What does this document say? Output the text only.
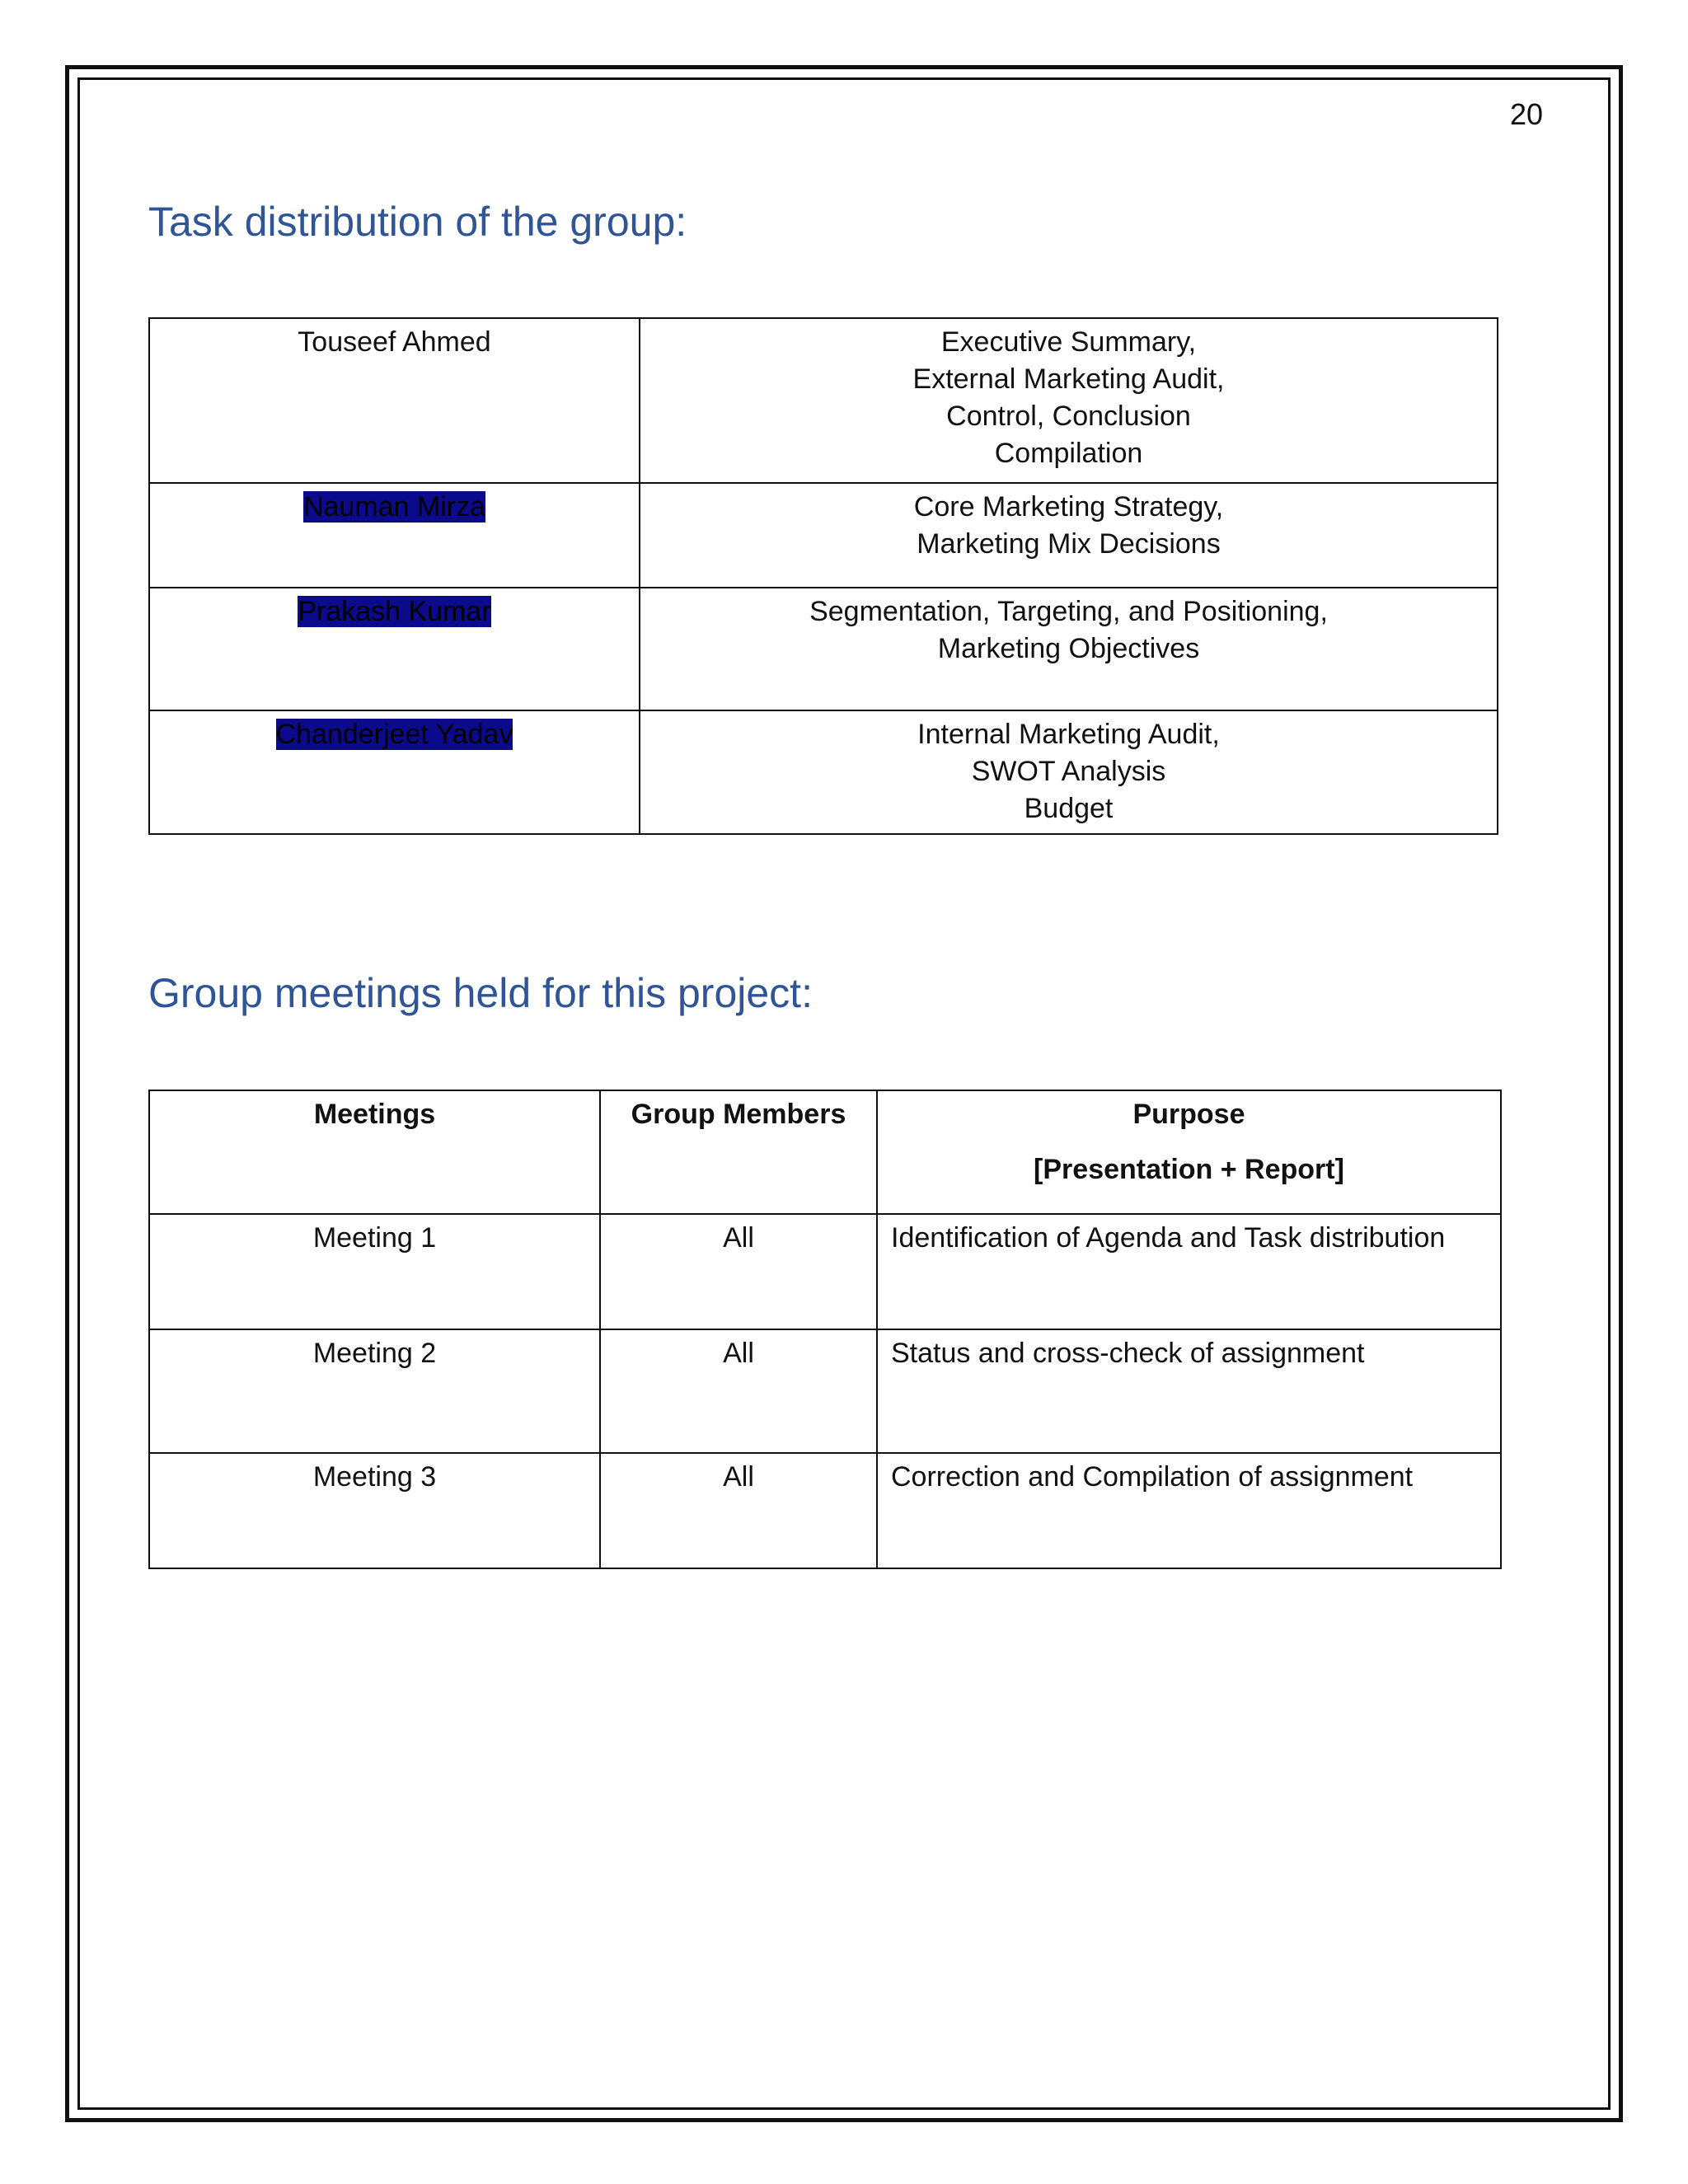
20
Task distribution of the group:
Touseef Ahmed	Executive Summary,
External Marketing Audit,
Control, Conclusion
Compilation

Nauman Mirza	Core Marketing Strategy,
Marketing Mix Decisions

Prakash Kumar	Segmentation, Targeting, and Positioning,
Marketing Objectives

Chanderjeet Yadav	Internal Marketing Audit,
SWOT Analysis
Budget
Group meetings held for this project:
Meetings	Group Members	Purpose
[Presentation + Report]

Meeting 1	All	Identification of Agenda and Task distribution
Meeting 2	All	Status and cross-check of assignment
Meeting 3	All	Correction and Compilation of assignment
